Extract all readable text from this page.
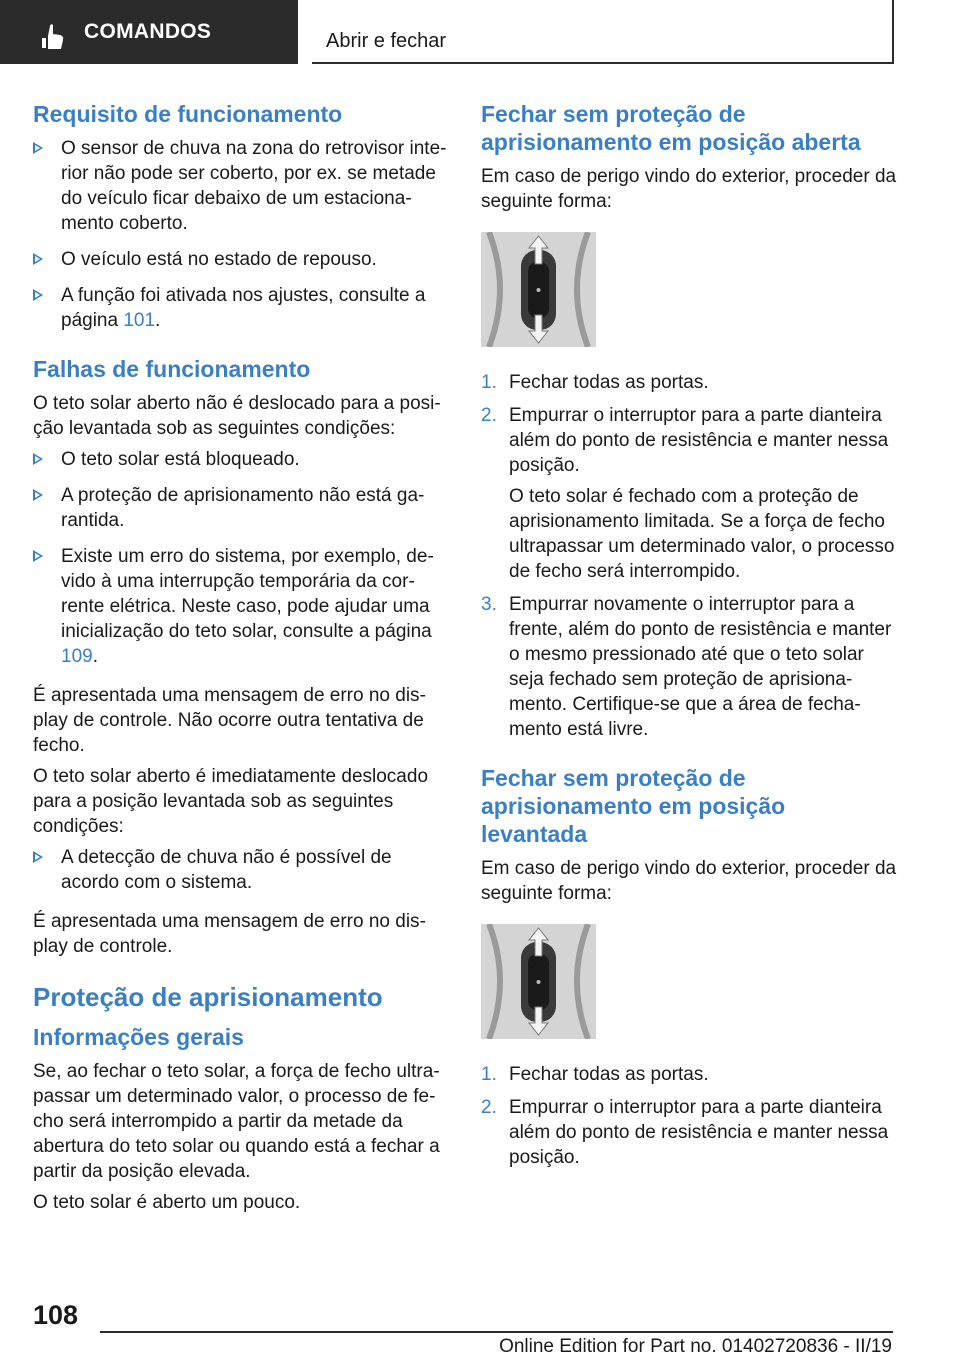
COMANDOS	Abrir e fechar
Requisito de funcionamento
O sensor de chuva na zona do retrovisor interior não pode ser coberto, por ex. se metade do veículo ficar debaixo de um estacionamento coberto.
O veículo está no estado de repouso.
A função foi ativada nos ajustes, consulte a página 101.
Falhas de funcionamento

O teto solar aberto não é deslocado para a posição levantada sob as seguintes condições:

O teto solar está bloqueado.
A proteção de aprisionamento não está garantida.
Existe um erro do sistema, por exemplo, devido à uma interrupção temporária da corrente elétrica. Neste caso, pode ajudar uma inicialização do teto solar, consulte a página 109.

É apresentada uma mensagem de erro no display de controle. Não ocorre outra tentativa de fecho.

O teto solar aberto é imediatamente deslocado para a posição levantada sob as seguintes condições:

A detecção de chuva não é possível de acordo com o sistema.

É apresentada uma mensagem de erro no display de controle.

Proteção de aprisionamento
Informações gerais

Se, ao fechar o teto solar, a força de fecho ultrapassar um determinado valor, o processo de fecho será interrompido a partir da metade da abertura do teto solar ou quando está a fechar a partir da posição elevada.

O teto solar é aberto um pouco.

Fechar sem proteção de aprisionamento em posição aberta

Em caso de perigo vindo do exterior, proceder da seguinte forma:

1. Fechar todas as portas.
2. Empurrar o interruptor para a parte dianteira além do ponto de resistência e manter nessa posição.
O teto solar é fechado com a proteção de aprisionamento limitada. Se a força de fecho ultrapassar um determinado valor, o processo de fecho será interrompido.
3. Empurrar novamente o interruptor para a frente, além do ponto de resistência e manter o mesmo pressionado até que o teto solar seja fechado sem proteção de aprisionamento. Certifique-se que a área de fechamento está livre.
Fechar sem proteção de aprisionamento em posição levantada

Em caso de perigo vindo do exterior, proceder da seguinte forma:

1. Fechar todas as portas.
2. Empurrar o interruptor para a parte dianteira além do ponto de resistência e manter nessa posição.
108
Online Edition for Part no. 01402720836 - II/19
